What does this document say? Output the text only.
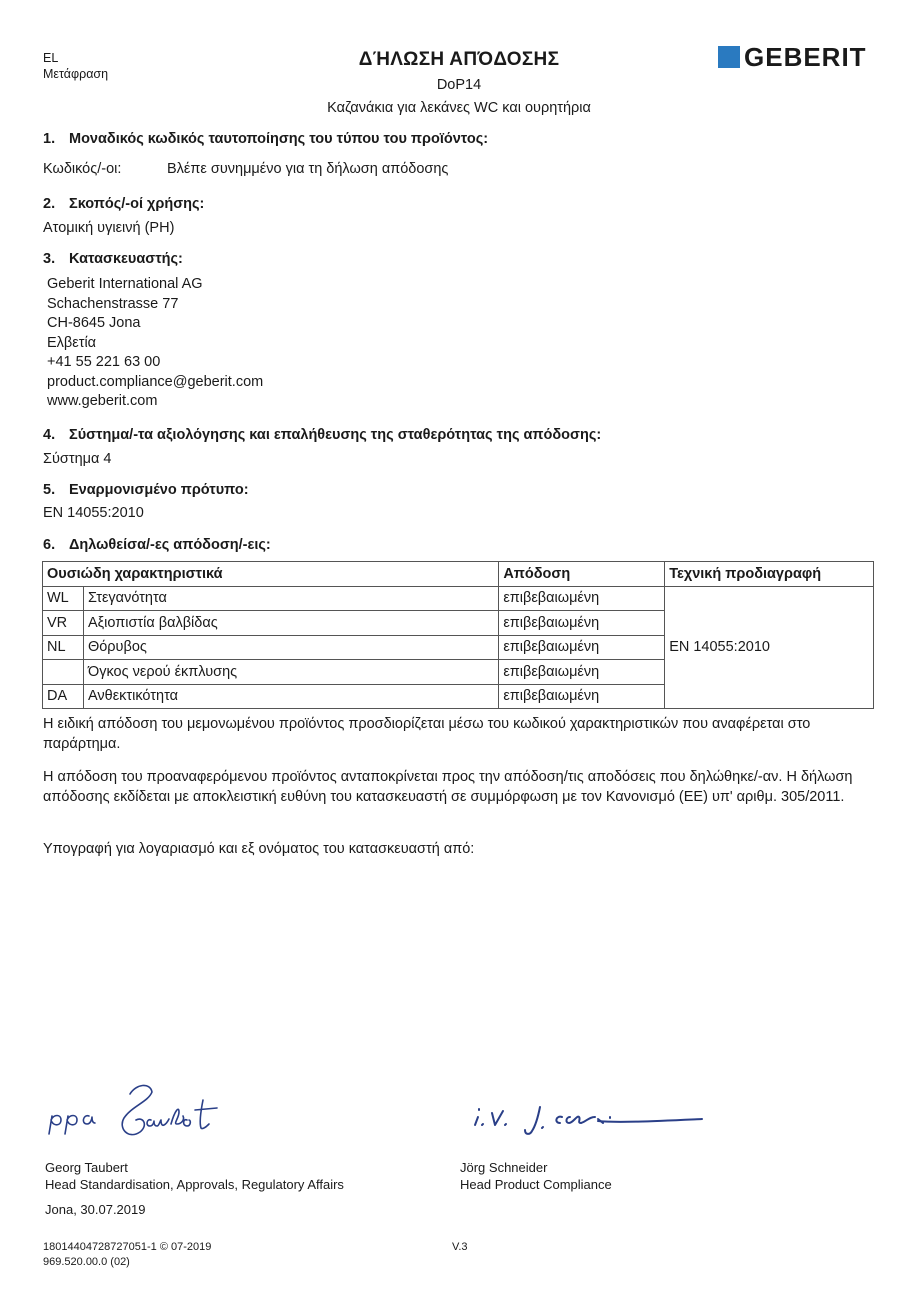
EL
Μετάφραση
ΔΉΛΩΣΗ ΑΠΌΔΟΣΗΣ
DoP14
Καζανάκια για λεκάνες WC και ουρητήρια
GEBERIT
1. Μοναδικός κωδικός ταυτοποίησης του τύπου του προϊόντος:
Κωδικός/-οι:	Βλέπε συνημμένο για τη δήλωση απόδοσης
2. Σκοπός/-οί χρήσης:
Ατομική υγιεινή (PH)
3. Κατασκευαστής:
Geberit International AG
Schachenstrasse 77
CH-8645 Jona
Ελβετία
+41 55 221 63 00
product.compliance@geberit.com
www.geberit.com
4. Σύστημα/-τα αξιολόγησης και επαλήθευσης της σταθερότητας της απόδοσης:
Σύστημα 4
5. Εναρμονισμένο πρότυπο:
EN 14055:2010
6. Δηλωθείσα/-ες απόδοση/-εις:
Ουσιώδη χαρακτηριστικά	Απόδοση	Τεχνική προδιαγραφή
WL	Στεγανότητα	επιβεβαιωμένη	EN 14055:2010
VR	Αξιοπιστία βαλβίδας	επιβεβαιωμένη
NL	Θόρυβος	επιβεβαιωμένη
	Όγκος νερού έκπλυσης	επιβεβαιωμένη
DA	Ανθεκτικότητα	επιβεβαιωμένη
Η ειδική απόδοση του μεμονωμένου προϊόντος προσδιορίζεται μέσω του κωδικού χαρακτηριστικών που αναφέρεται στο παράρτημα.
Η απόδοση του προαναφερόμενου προϊόντος ανταποκρίνεται προς την απόδοση/τις αποδόσεις που δηλώθηκε/-αν. Η δήλωση απόδοσης εκδίδεται με αποκλειστική ευθύνη του κατασκευαστή σε συμμόρφωση με τον Κανονισμό (ΕΕ) υπ' αριθμ. 305/2011.
Υπογραφή για λογαριασμό και εξ ονόματος του κατασκευαστή από:
Georg Taubert
Head Standardisation, Approvals, Regulatory Affairs
Jörg Schneider
Head Product Compliance
Jona, 30.07.2019
18014404728727051-1 © 07-2019
969.520.00.0 (02)
V.3
